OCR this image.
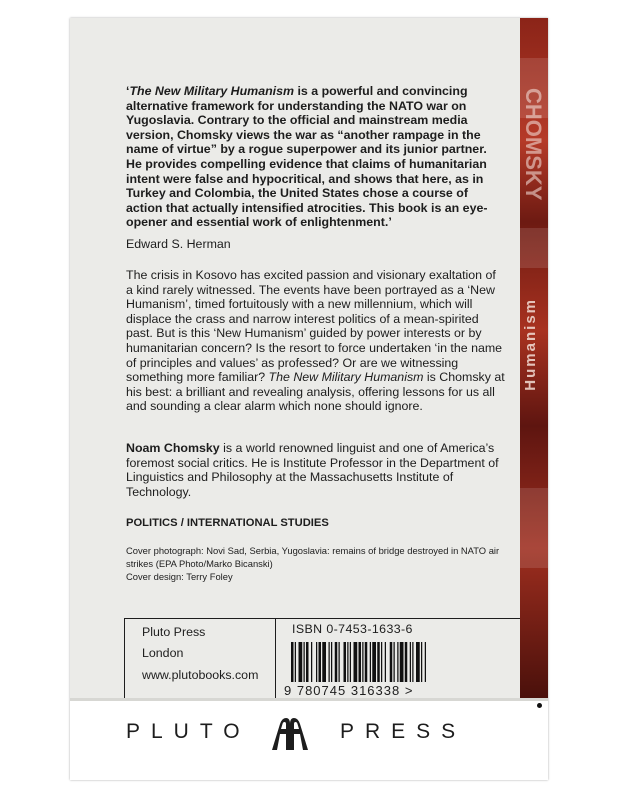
‘The New Military Humanism is a powerful and convincing alternative framework for understanding the NATO war on Yugoslavia. Contrary to the official and mainstream media version, Chomsky views the war as “another rampage in the name of virtue” by a rogue superpower and its junior partner. He provides compelling evidence that claims of humanitarian intent were false and hypocritical, and shows that here, as in Turkey and Colombia, the United States chose a course of action that actually intensified atrocities. This book is an eye-opener and essential work of enlightenment.’

Edward S. Herman

The crisis in Kosovo has excited passion and visionary exaltation of a kind rarely witnessed. The events have been portrayed as a ‘New Humanism’, timed fortuitously with a new millennium, which will displace the crass and narrow interest politics of a mean-spirited past. But is this ‘New Humanism’ guided by power interests or by humanitarian concern? Is the resort to force undertaken ‘in the name of principles and values’ as professed? Or are we witnessing something more familiar? The New Military Humanism is Chomsky at his best: a brilliant and revealing analysis, offering lessons for us all and sounding a clear alarm which none should ignore.

Noam Chomsky is a world renowned linguist and one of America’s foremost social critics. He is Institute Professor in the Department of Linguistics and Philosophy at the Massachusetts Institute of Technology.

POLITICS / INTERNATIONAL STUDIES

Cover photograph: Novi Sad, Serbia, Yugoslavia: remains of bridge destroyed in NATO air strikes (EPA Photo/Marko Bicanski)

Cover design: Terry Foley

Pluto Press
London
www.plutobooks.com
ISBN 0-7453-1633-6
9 780745 316338 >
CHOMSKY
Humanism
PLUTO	PRESS
